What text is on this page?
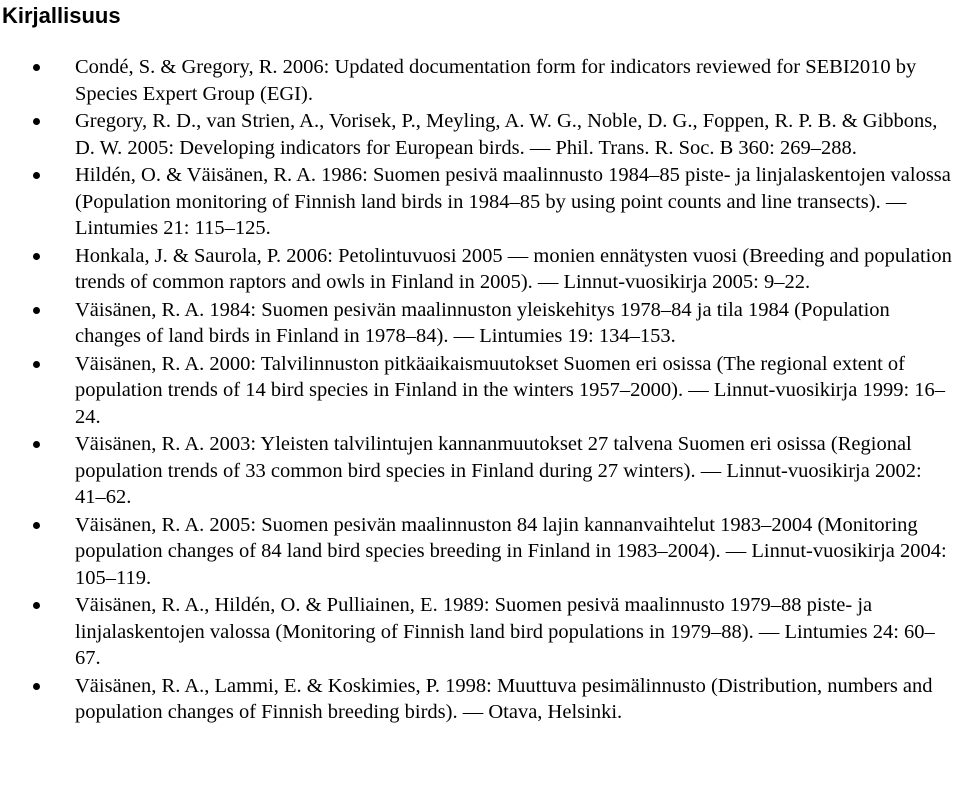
Kirjallisuus
Condé, S. & Gregory, R. 2006: Updated documentation form for indicators reviewed for SEBI2010 by Species Expert Group (EGI).
Gregory, R. D., van Strien, A., Vorisek, P., Meyling, A. W. G., Noble, D. G., Foppen, R. P. B. & Gibbons, D. W. 2005: Developing indicators for European birds. — Phil. Trans. R. Soc. B 360: 269–288.
Hildén, O. & Väisänen, R. A. 1986: Suomen pesivä maalinnusto 1984–85 piste- ja linjalaskentojen valossa (Population monitoring of Finnish land birds in 1984–85 by using point counts and line transects). — Lintumies 21: 115–125.
Honkala, J. & Saurola, P. 2006: Petolintuvuosi 2005 — monien ennätysten vuosi (Breeding and population trends of common raptors and owls in Finland in 2005). — Linnut-vuosikirja 2005: 9–22.
Väisänen, R. A. 1984: Suomen pesivän maalinnuston yleiskehitys 1978–84 ja tila 1984 (Population changes of land birds in Finland in 1978–84). — Lintumies 19: 134–153.
Väisänen, R. A. 2000: Talvilinnuston pitkäaikaismuutokset Suomen eri osissa (The regional extent of population trends of 14 bird species in Finland in the winters 1957–2000). — Linnut-vuosikirja 1999: 16–24.
Väisänen, R. A. 2003: Yleisten talvilintujen kannanmuutokset 27 talvena Suomen eri osissa (Regional population trends of 33 common bird species in Finland during 27 winters). — Linnut-vuosikirja 2002: 41–62.
Väisänen, R. A. 2005: Suomen pesivän maalinnuston 84 lajin kannanvaihtelut 1983–2004 (Monitoring population changes of 84 land bird species breeding in Finland in 1983–2004). — Linnut-vuosikirja 2004: 105–119.
Väisänen, R. A., Hildén, O. & Pulliainen, E. 1989: Suomen pesivä maalinnusto 1979–88 piste- ja linjalaskentojen valossa (Monitoring of Finnish land bird populations in 1979–88). — Lintumies 24: 60–67.
Väisänen, R. A., Lammi, E. & Koskimies, P. 1998: Muuttuva pesimälinnusto (Distribution, numbers and population changes of Finnish breeding birds). — Otava, Helsinki.
